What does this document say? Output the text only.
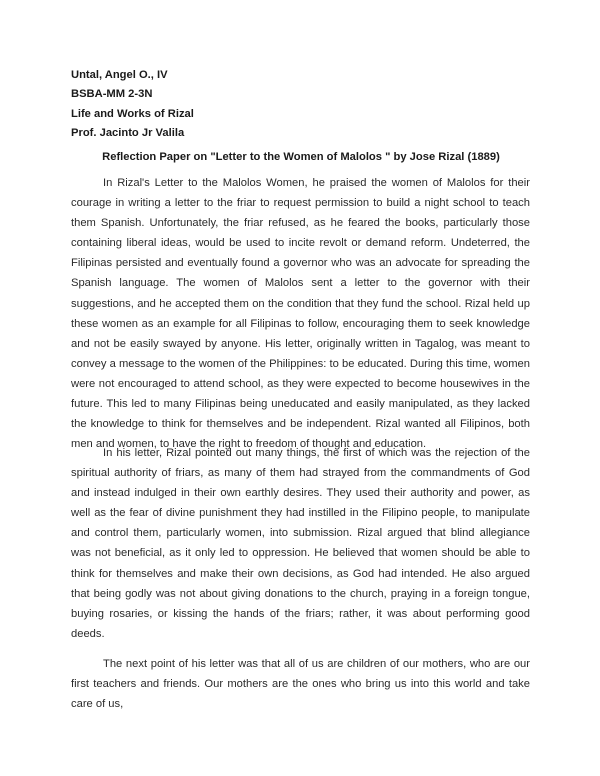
Untal, Angel O., IV
BSBA-MM 2-3N
Life and Works of Rizal
Prof. Jacinto Jr Valila
Reflection Paper on "Letter to the Women of Malolos " by Jose Rizal (1889)

In Rizal's Letter to the Malolos Women, he praised the women of Malolos for their courage in writing a letter to the friar to request permission to build a night school to teach them Spanish. Unfortunately, the friar refused, as he feared the books, particularly those containing liberal ideas, would be used to incite revolt or demand reform. Undeterred, the Filipinas persisted and eventually found a governor who was an advocate for spreading the Spanish language. The women of Malolos sent a letter to the governor with their suggestions, and he accepted them on the condition that they fund the school. Rizal held up these women as an example for all Filipinas to follow, encouraging them to seek knowledge and not be easily swayed by anyone. His letter, originally written in Tagalog, was meant to convey a message to the women of the Philippines: to be educated. During this time, women were not encouraged to attend school, as they were expected to become housewives in the future. This led to many Filipinas being uneducated and easily manipulated, as they lacked the knowledge to think for themselves and be independent. Rizal wanted all Filipinos, both men and women, to have the right to freedom of thought and education.

In his letter, Rizal pointed out many things, the first of which was the rejection of the spiritual authority of friars, as many of them had strayed from the commandments of God and instead indulged in their own earthly desires. They used their authority and power, as well as the fear of divine punishment they had instilled in the Filipino people, to manipulate and control them, particularly women, into submission. Rizal argued that blind allegiance was not beneficial, as it only led to oppression. He believed that women should be able to think for themselves and make their own decisions, as God had intended. He also argued that being godly was not about giving donations to the church, praying in a foreign tongue, buying rosaries, or kissing the hands of the friars; rather, it was about performing good deeds.

The next point of his letter was that all of us are children of our mothers, who are our first teachers and friends. Our mothers are the ones who bring us into this world and take care of us,
